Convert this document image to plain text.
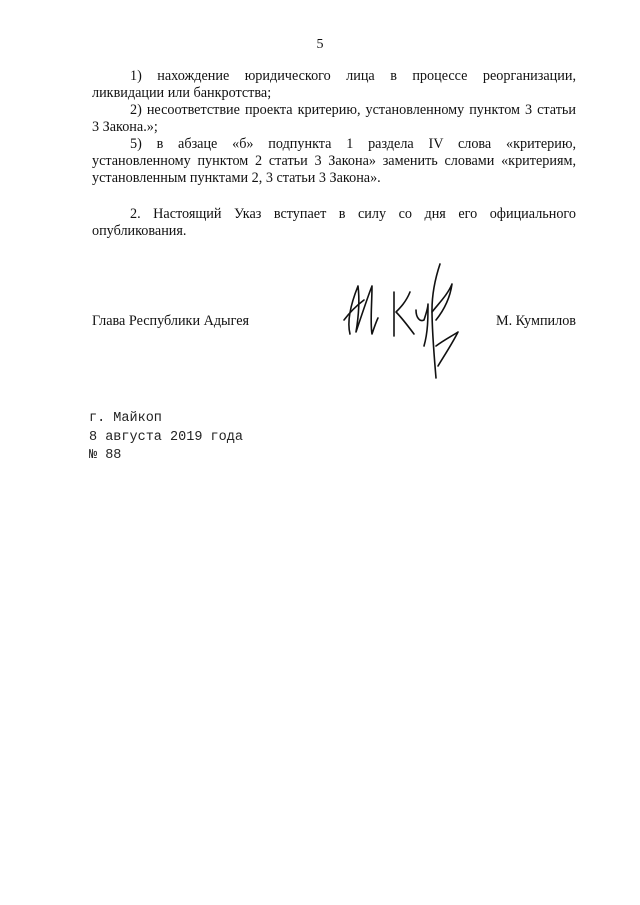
5

1) нахождение юридического лица в процессе реорганизации, ликвидации или банкротства;

2) несоответствие проекта критерию, установленному пунктом 3 статьи 3 Закона.»;

5) в абзаце «б» подпункта 1 раздела IV слова «критерию, установленному пунктом 2 статьи 3 Закона» заменить словами «критериям, установленным пунктами 2, 3 статьи 3 Закона».

2. Настоящий Указ вступает в силу со дня его официального опубликования.

Глава Республики Адыгея	М. Кумпилов
г. Майкоп
8 августа 2019 года
№ 88
